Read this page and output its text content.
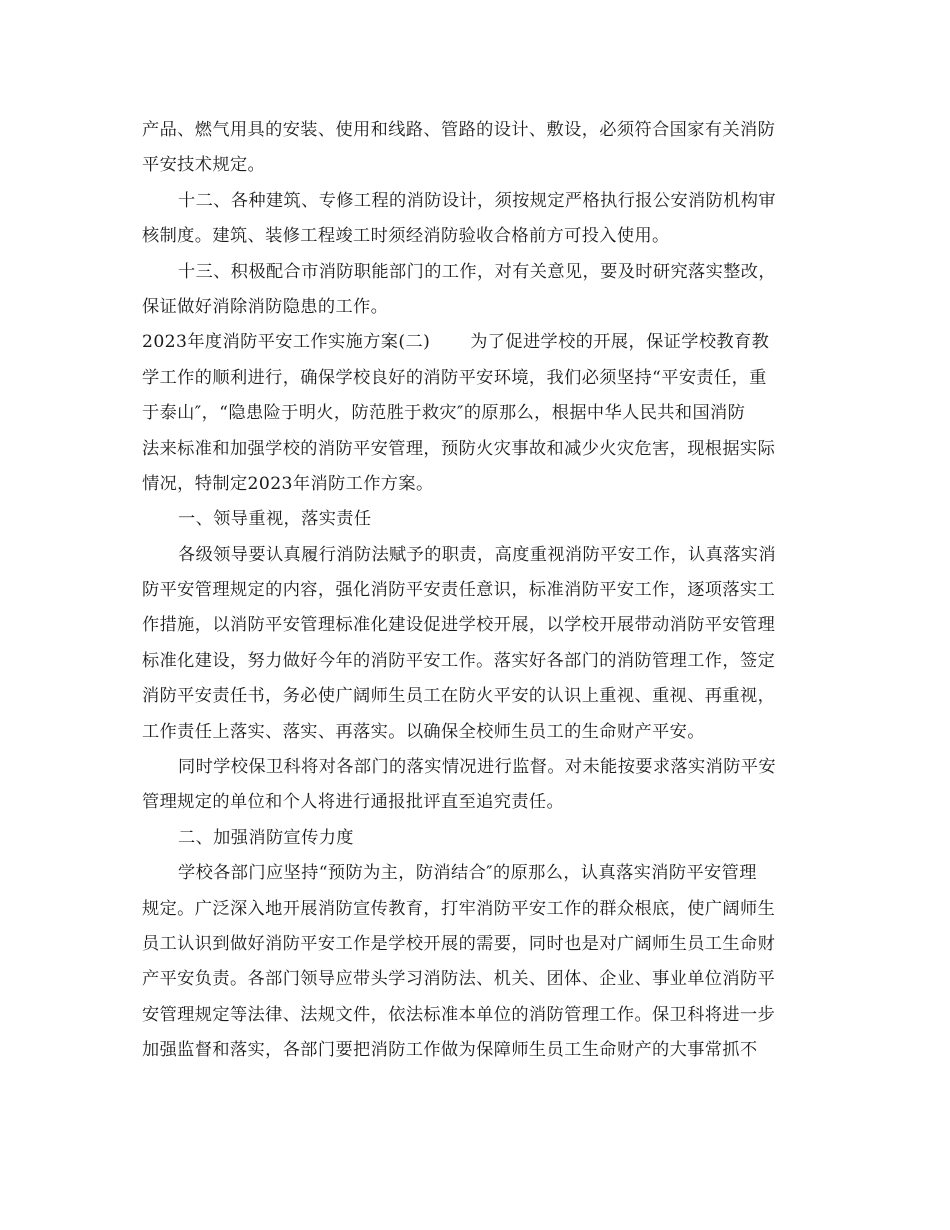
产品、燃气用具的安装、使用和线路、管路的设计、敷设，必须符合国家有关消防
平安技术规定。
十二、各种建筑、专修工程的消防设计，须按规定严格执行报公安消防机构审
核制度。建筑、装修工程竣工时须经消防验收合格前方可投入使用。
十三、积极配合市消防职能部门的工作，对有关意见，要及时研究落实整改，
保证做好消除消防隐患的工作。
2023年度消防平安工作实施方案(二) 为了促进学校的开展，保证学校教育教
学工作的顺利进行，确保学校良好的消防平安环境，我们必须坚持“平安责任，重
于泰山″，“隐患险于明火，防范胜于救灾″的原那么，根据中华人民共和国消防
法来标准和加强学校的消防平安管理，预防火灾事故和减少火灾危害，现根据实际
情况，特制定2023年消防工作方案。
一、领导重视，落实责任
各级领导要认真履行消防法赋予的职责，高度重视消防平安工作，认真落实消
防平安管理规定的内容，强化消防平安责任意识，标准消防平安工作，逐项落实工
作措施，以消防平安管理标准化建设促进学校开展，以学校开展带动消防平安管理
标准化建设，努力做好今年的消防平安工作。落实好各部门的消防管理工作，签定
消防平安责任书，务必使广阔师生员工在防火平安的认识上重视、重视、再重视，
工作责任上落实、落实、再落实。以确保全校师生员工的生命财产平安。
同时学校保卫科将对各部门的落实情况进行监督。对未能按要求落实消防平安
管理规定的单位和个人将进行通报批评直至追究责任。
二、加强消防宣传力度
学校各部门应坚持“预防为主，防消结合″的原那么，认真落实消防平安管理
规定。广泛深入地开展消防宣传教育，打牢消防平安工作的群众根底，使广阔师生
员工认识到做好消防平安工作是学校开展的需要，同时也是对广阔师生员工生命财
产平安负责。各部门领导应带头学习消防法、机关、团体、企业、事业单位消防平
安管理规定等法律、法规文件，依法标准本单位的消防管理工作。保卫科将进一步
加强监督和落实，各部门要把消防工作做为保障师生员工生命财产的大事常抓不
